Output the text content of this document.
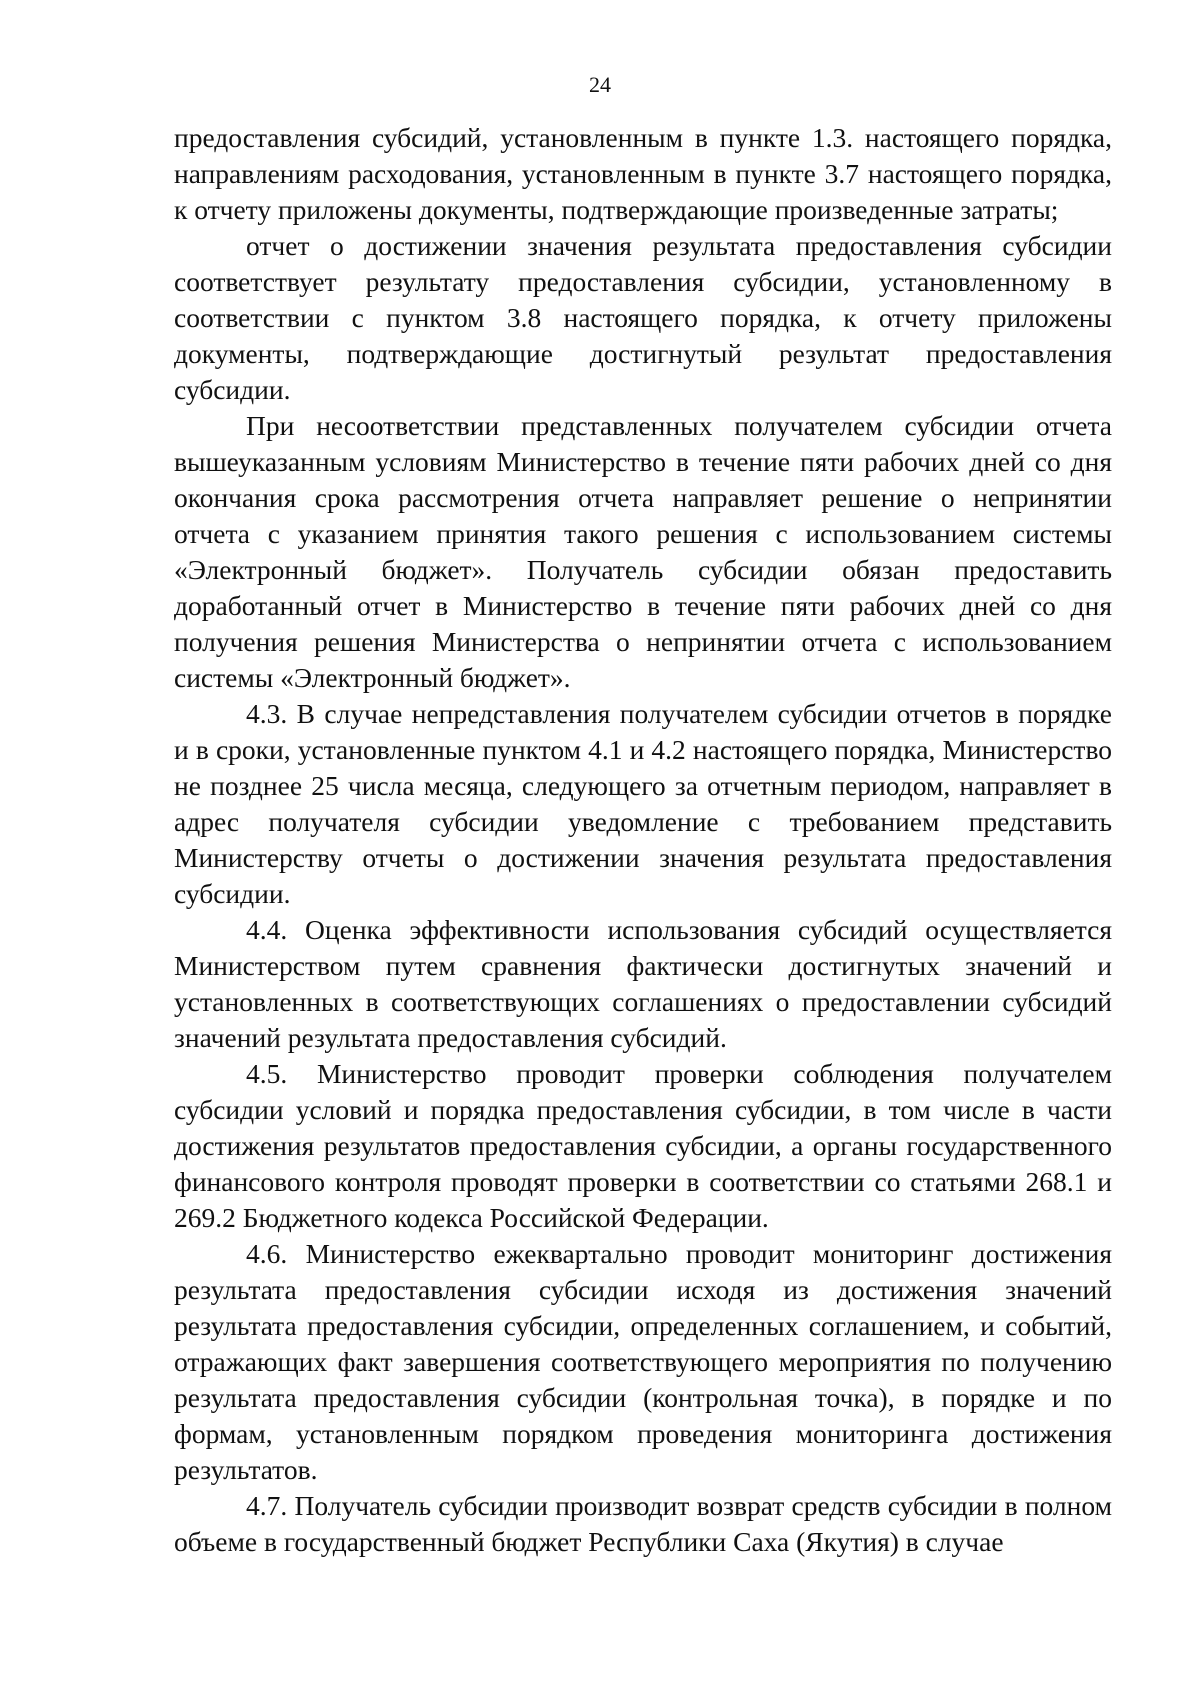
24

предоставления субсидий, установленным в пункте 1.3. настоящего порядка, направлениям расходования, установленным в пункте 3.7 настоящего порядка, к отчету приложены документы, подтверждающие произведенные затраты;

отчет о достижении значения результата предоставления субсидии соответствует результату предоставления субсидии, установленному в соответствии с пунктом 3.8 настоящего порядка, к отчету приложены документы, подтверждающие достигнутый результат предоставления субсидии.

При несоответствии представленных получателем субсидии отчета вышеуказанным условиям Министерство в течение пяти рабочих дней со дня окончания срока рассмотрения отчета направляет решение о непринятии отчета с указанием принятия такого решения с использованием системы «Электронный бюджет». Получатель субсидии обязан предоставить доработанный отчет в Министерство в течение пяти рабочих дней со дня получения решения Министерства о непринятии отчета с использованием системы «Электронный бюджет».

4.3. В случае непредставления получателем субсидии отчетов в порядке и в сроки, установленные пунктом 4.1 и 4.2 настоящего порядка, Министерство не позднее 25 числа месяца, следующего за отчетным периодом, направляет в адрес получателя субсидии уведомление с требованием представить Министерству отчеты о достижении значения результата предоставления субсидии.

4.4. Оценка эффективности использования субсидий осуществляется Министерством путем сравнения фактически достигнутых значений и установленных в соответствующих соглашениях о предоставлении субсидий значений результата предоставления субсидий.

4.5. Министерство проводит проверки соблюдения получателем субсидии условий и порядка предоставления субсидии, в том числе в части достижения результатов предоставления субсидии, а органы государственного финансового контроля проводят проверки в соответствии со статьями 268.1 и 269.2 Бюджетного кодекса Российской Федерации.

4.6. Министерство ежеквартально проводит мониторинг достижения результата предоставления субсидии исходя из достижения значений результата предоставления субсидии, определенных соглашением, и событий, отражающих факт завершения соответствующего мероприятия по получению результата предоставления субсидии (контрольная точка), в порядке и по формам, установленным порядком проведения мониторинга достижения результатов.

4.7. Получатель субсидии производит возврат средств субсидии в полном объеме в государственный бюджет Республики Саха (Якутия) в случае
